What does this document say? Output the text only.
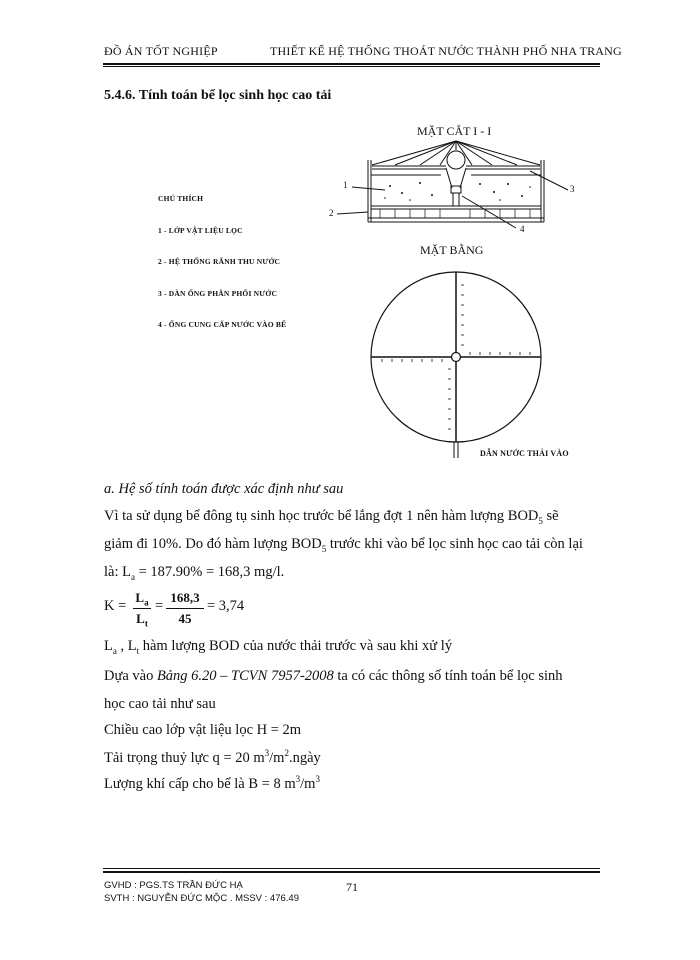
ĐỒ ÁN TỐT NGHIỆP	THIẾT KẾ HỆ THỐNG THOÁT NƯỚC THÀNH PHỐ NHA TRANG
5.4.6. Tính toán bể lọc sinh học cao tải
MẶT CẮT I - I
MẶT BẰNG
CHÚ THÍCH
1 - LỚP VẬT LIỆU LỌC
2 - HỆ THỐNG RÃNH THU NƯỚC
3 - DÀN ỐNG PHÂN PHỐI NƯỚC
4 - ỐNG CUNG CẤP NƯỚC VÀO BỂ
1
2
3
4
DẪN NƯỚC THẢI VÀO
a. Hệ số tính toán được xác định như sau
Vì ta sử dụng bể đông tụ sinh học trước bể lắng đợt 1 nên hàm lượng $BOD_5$ sẽ
giảm đi 10%. Do đó hàm lượng $BOD_5$ trước khi vào bể lọc sinh học cao tải còn lại
là: $L_a = 187.90\% = 168,3$ mg/l.
K =
$L_a$
$L_t$
=
168,3
45
= 3,74
$L_a$ , $L_t$ hàm lượng BOD của nước thải trước và sau khi xử lý
Dựa vào Bảng 6.20 – TCVN 7957-2008 ta có các thông số tính toán bể lọc sinh
học cao tải như sau
Chiều cao lớp vật liệu lọc H = 2m
Tải trọng thuỷ lực q = 20 $m^3/m^2.ngày$
Lượng khí cấp cho bể là B = 8 $m^3/m^3$
GVHD : PGS.TS TRẦN ĐỨC HẠ
SVTH : NGUYỄN ĐỨC MỘC . MSSV : 476.49
71
